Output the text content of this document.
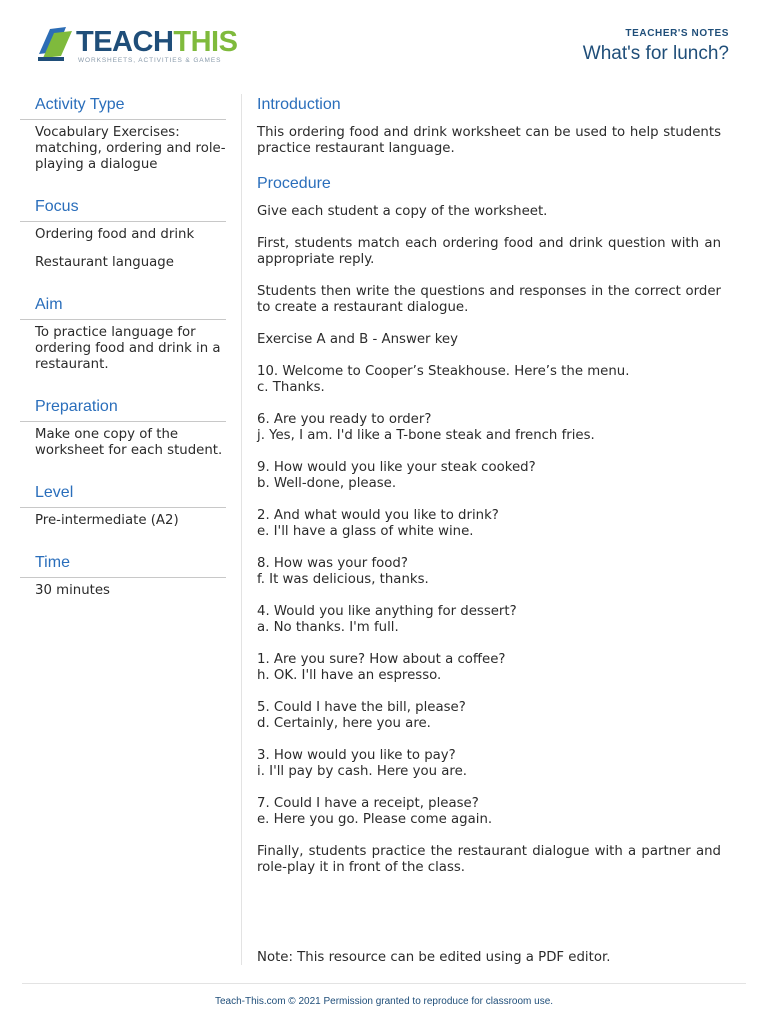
TEACHTHIS
WORKSHEETS, ACTIVITIES & GAMES
TEACHER'S NOTES
What's for lunch?
Activity Type

Vocabulary Exercises: matching, ordering and role-playing a dialogue

Focus

Ordering food and drink

Restaurant language

Aim

To practice language for ordering food and drink in a restaurant.

Preparation

Make one copy of the worksheet for each student.

Level

Pre-intermediate (A2)

Time

30 minutes

Introduction

This ordering food and drink worksheet can be used to help students practice restaurant language.

Procedure

Give each student a copy of the worksheet.

First, students match each ordering food and drink question with an appropriate reply.

Students then write the questions and responses in the correct order to create a restaurant dialogue.

Exercise A and B - Answer key

10. Welcome to Cooper’s Steakhouse. Here’s the menu.
c. Thanks.
6. Are you ready to order?
j. Yes, I am. I'd like a T-bone steak and french fries.
9. How would you like your steak cooked?
b. Well-done, please.
2. And what would you like to drink?
e. I'll have a glass of white wine.
8. How was your food?
f. It was delicious, thanks.
4. Would you like anything for dessert?
a. No thanks. I'm full.
1. Are you sure? How about a coffee?
h. OK. I'll have an espresso.
5. Could I have the bill, please?
d. Certainly, here you are.
3. How would you like to pay?
i. I'll pay by cash. Here you are.
7. Could I have a receipt, please?
e. Here you go. Please come again.

Finally, students practice the restaurant dialogue with a partner and role-play it in front of the class.

Note: This resource can be edited using a PDF editor.
Teach-This.com © 2021 Permission granted to reproduce for classroom use.
